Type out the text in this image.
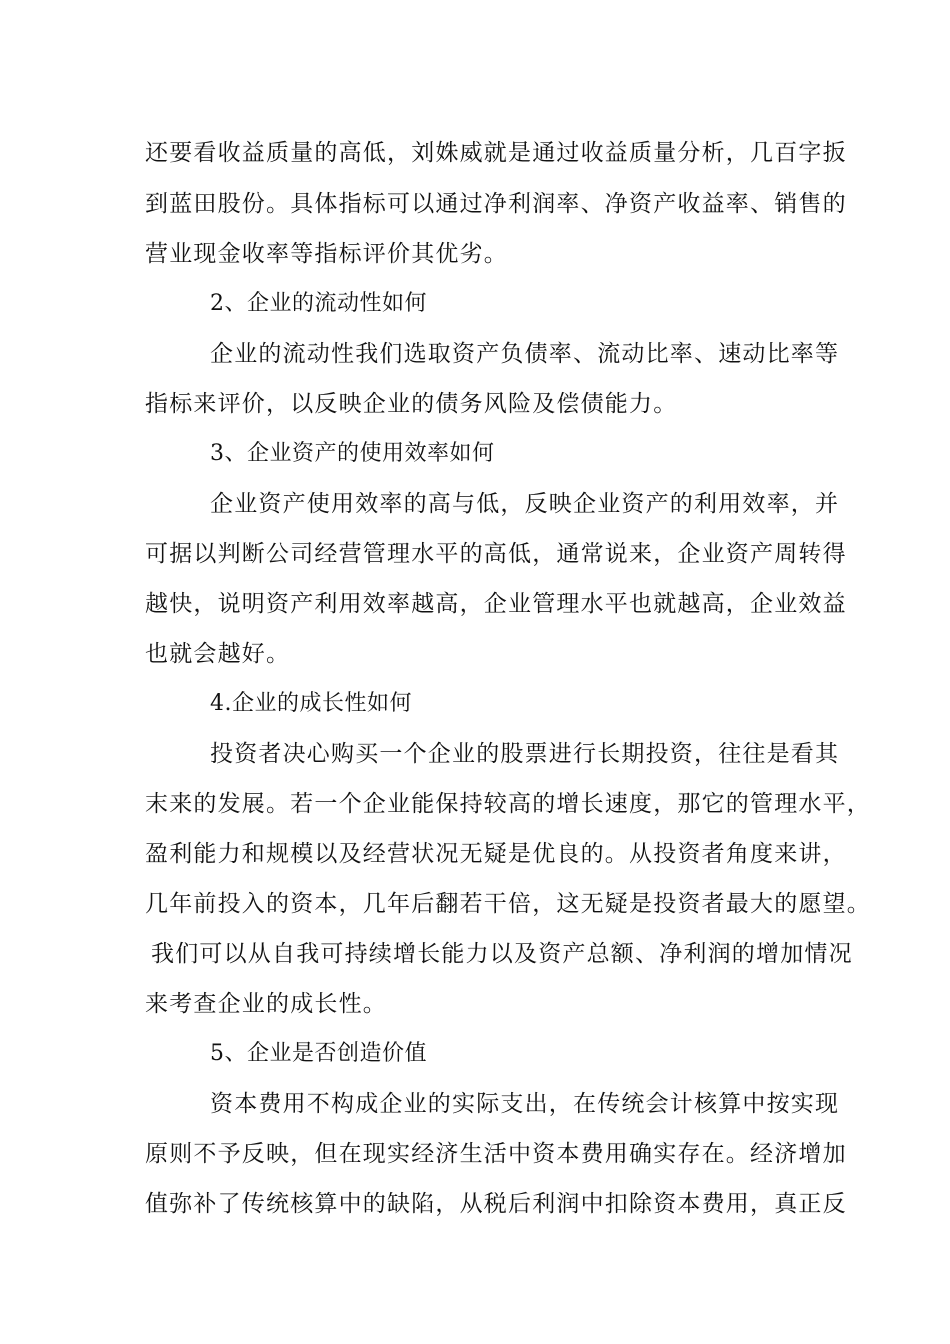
还要看收益质量的高低，刘姝威就是通过收益质量分析，几百字扳
到蓝田股份。具体指标可以通过净利润率、净资产收益率、销售的
营业现金收率等指标评价其优劣。
2、企业的流动性如何
企业的流动性我们选取资产负债率、流动比率、速动比率等
指标来评价，以反映企业的债务风险及偿债能力。
3、企业资产的使用效率如何
企业资产使用效率的高与低，反映企业资产的利用效率，并
可据以判断公司经营管理水平的高低，通常说来，企业资产周转得
越快，说明资产利用效率越高，企业管理水平也就越高，企业效益
也就会越好。
4.企业的成长性如何
投资者决心购买一个企业的股票进行长期投资，往往是看其
末来的发展。若一个企业能保持较高的增长速度，那它的管理水平，
盈利能力和规模以及经营状况无疑是优良的。从投资者角度来讲，
几年前投入的资本，几年后翻若干倍，这无疑是投资者最大的愿望。
我们可以从自我可持续增长能力以及资产总额、净利润的增加情况
来考查企业的成长性。
5、企业是否创造价值
资本费用不构成企业的实际支出，在传统会计核算中按实现
原则不予反映，但在现实经济生活中资本费用确实存在。经济增加
值弥补了传统核算中的缺陷，从税后利润中扣除资本费用，真正反
